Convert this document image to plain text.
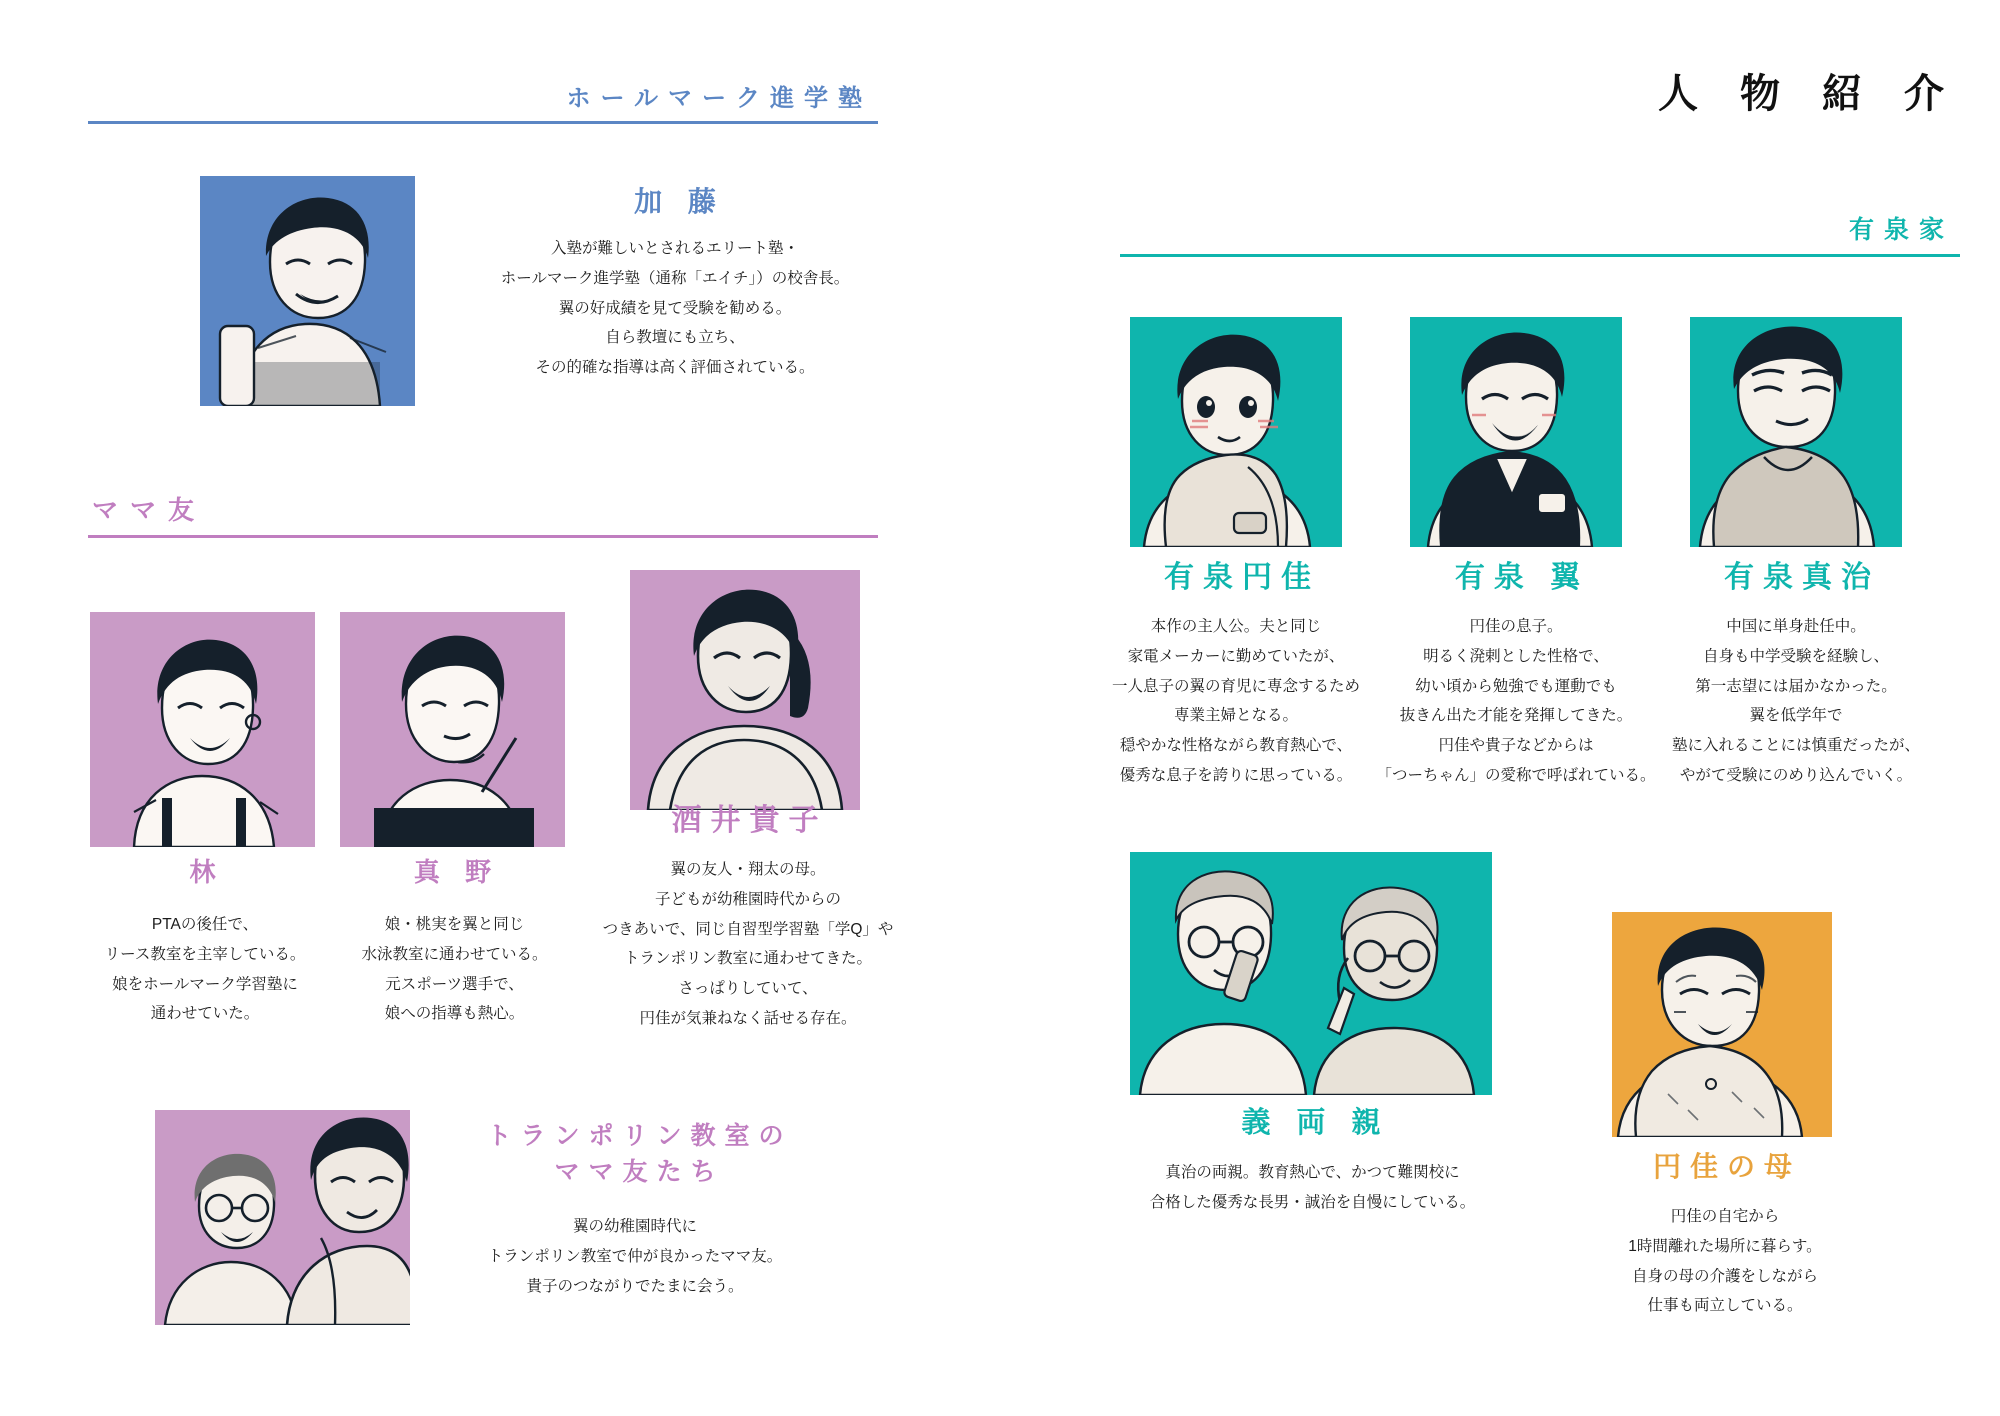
人 物 紹 介
ホールマーク進学塾
加 藤
入塾が難しいとされるエリート塾・
ホールマーク進学塾（通称「エイチ」）の校舎長。
翼の好成績を見て受験を勧める。
自ら教壇にも立ち、
その的確な指導は高く評価されている。
ママ友
林
PTAの後任で、
リース教室を主宰している。
娘をホールマーク学習塾に
通わせていた。
真 野
娘・桃実を翼と同じ
水泳教室に通わせている。
元スポーツ選手で、
娘への指導も熱心。
酒井貴子
翼の友人・翔太の母。
子どもが幼稚園時代からの
つきあいで、同じ自習型学習塾「学Q」や
トランポリン教室に通わせてきた。
さっぱりしていて、
円佳が気兼ねなく話せる存在。
トランポリン教室の
ママ友たち
翼の幼稚園時代に
トランポリン教室で仲が良かったママ友。
貴子のつながりでたまに会う。
有泉家
有泉円佳
本作の主人公。夫と同じ
家電メーカーに勤めていたが、
一人息子の翼の育児に専念するため
専業主婦となる。
穏やかな性格ながら教育熱心で、
優秀な息子を誇りに思っている。
有泉 翼
円佳の息子。
明るく溌剌とした性格で、
幼い頃から勉強でも運動でも
抜きん出た才能を発揮してきた。
円佳や貴子などからは
「つーちゃん」の愛称で呼ばれている。
有泉真治
中国に単身赴任中。
自身も中学受験を経験し、
第一志望には届かなかった。
翼を低学年で
塾に入れることには慎重だったが、
やがて受験にのめり込んでいく。
義 両 親
真治の両親。教育熱心で、かつて難関校に
合格した優秀な長男・誠治を自慢にしている。
円佳の母
円佳の自宅から
1時間離れた場所に暮らす。
自身の母の介護をしながら
仕事も両立している。
